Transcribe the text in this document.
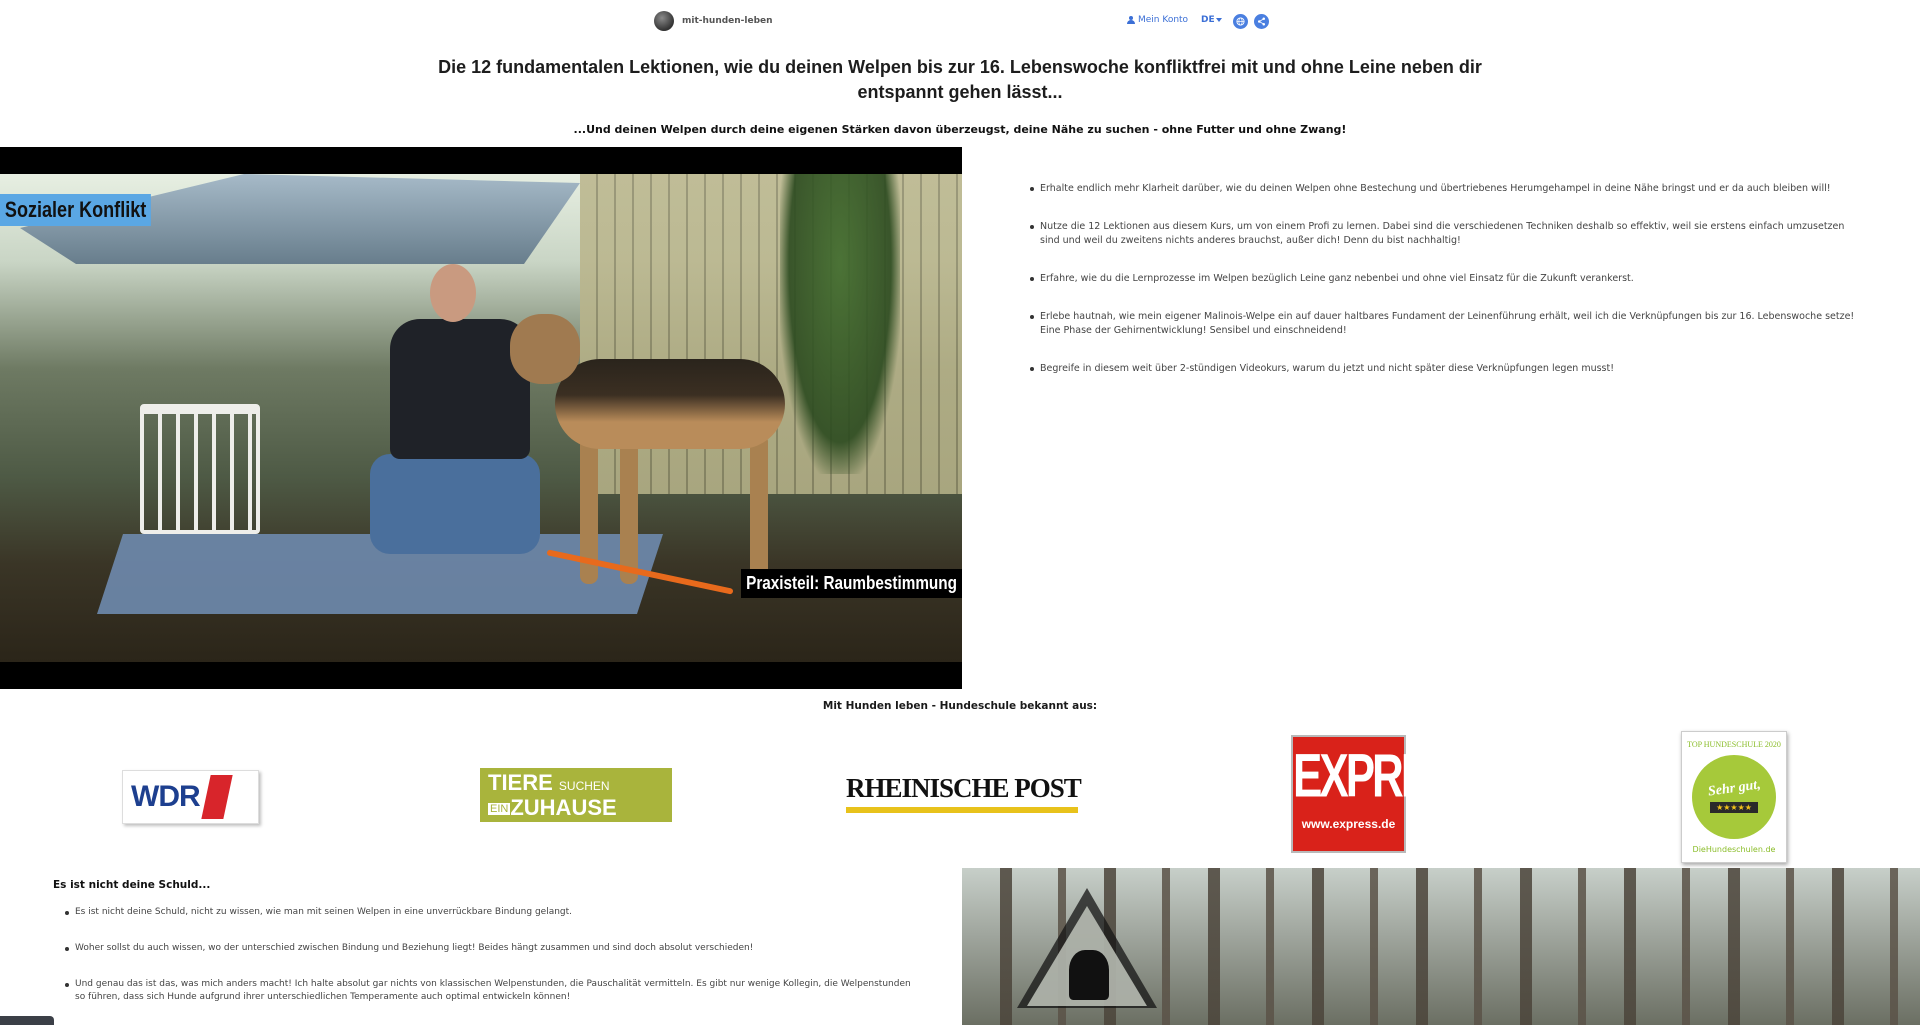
mit-hunden-leben	Mein Konto DE
Die 12 fundamentalen Lektionen, wie du deinen Welpen bis zur 16. Lebenswoche konfliktfrei mit und ohne Leine neben dir entspannt gehen lässt...

...Und deinen Welpen durch deine eigenen Stärken davon überzeugst, deine Nähe zu suchen - ohne Futter und ohne Zwang!

Sozialer Konflikt
Praxisteil: Raumbestimmung
Erhalte endlich mehr Klarheit darüber, wie du deinen Welpen ohne Bestechung und übertriebenes Herumgehampel in deine Nähe bringst und er da auch bleiben will!
Nutze die 12 Lektionen aus diesem Kurs, um von einem Profi zu lernen. Dabei sind die verschiedenen Techniken deshalb so effektiv, weil sie erstens einfach umzusetzen sind und weil du zweitens nichts anderes brauchst, außer dich! Denn du bist nachhaltig!
Erfahre, wie du die Lernprozesse im Welpen bezüglich Leine ganz nebenbei und ohne viel Einsatz für die Zukunft verankerst.
Erlebe hautnah, wie mein eigener Malinois-Welpe ein auf dauer haltbares Fundament der Leinenführung erhält, weil ich die Verknüpfungen bis zur 16. Lebenswoche setze! Eine Phase der Gehirnentwicklung! Sensibel und einschneidend!
Begreife in diesem weit über 2-stündigen Videokurs, warum du jetzt und nicht später diese Verknüpfungen legen musst!

Mit Hunden leben - Hundeschule bekannt aus:

WDR	TIERE SUCHEN
EINZUHAUSE
RHEINISCHE POST	EXPRESS
www.express.de
TOP HUNDESCHULE 2020
Sehr gut,
★★★★★
DieHundeschulen.de
Es ist nicht deine Schuld...
Es ist nicht deine Schuld, nicht zu wissen, wie man mit seinen Welpen in eine unverrückbare Bindung gelangt.
Woher sollst du auch wissen, wo der unterschied zwischen Bindung und Beziehung liegt! Beides hängt zusammen und sind doch absolut verschieden!
Und genau das ist das, was mich anders macht! Ich halte absolut gar nichts von klassischen Welpenstunden, die Pauschalität vermitteln. Es gibt nur wenige Kollegin, die Welpenstunden so führen, dass sich Hunde aufgrund ihrer unterschiedlichen Temperamente auch optimal entwickeln können!
